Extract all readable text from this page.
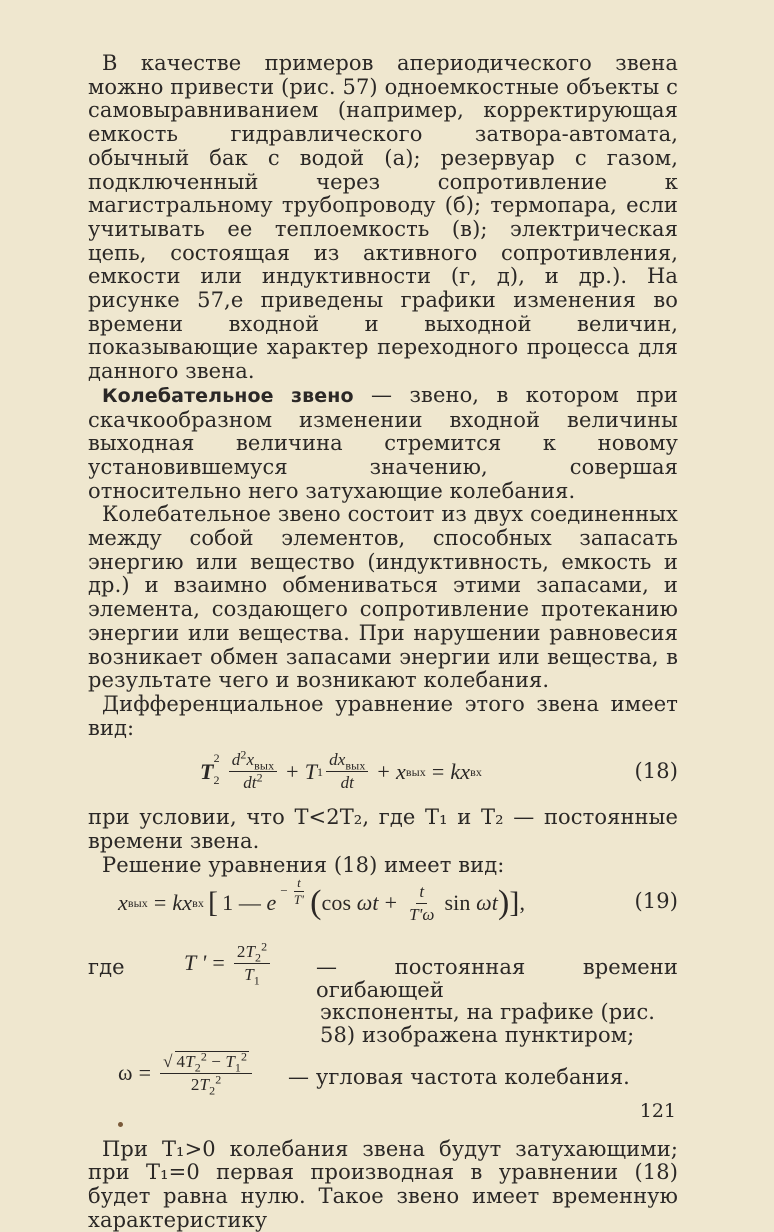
В качестве примеров апериодического звена можно привести (рис. 57) одноемкостные объекты с самовыравниванием (например, корректирующая емкость гидравлического затвора-автомата, обычный бак с водой (а); резервуар с газом, подключенный через сопротивление к магистральному трубопроводу (б); термопара, если учитывать ее теплоемкость (в); электрическая цепь, состоящая из активного сопротивления, емкости или индуктивности (г, д), и др.). На рисунке 57,е приведены графики изменения во времени входной и выходной величин, показывающие характер переходного процесса для данного звена.

Колебательное звено — звено, в котором при скачкообразном изменении входной величины выходная величина стремится к новому установившемуся значению, совершая относительно него затухающие колебания.

Колебательное звено состоит из двух соединенных между собой элементов, способных запасать энергию или вещество (индуктивность, емкость и др.) и взаимно обмениваться этими запасами, и элемента, создающего сопротивление протеканию энергии или вещества. При нарушении равновесия возникает обмен запасами энергии или вещества, в результате чего и возникают колебания.

Дифференциальное уравнение этого звена имеет вид:

$T_2$
$^2 \frac{d^2x_{вых}}{dt^2} + T$ $1 \frac{dx_{вых}}{dt} + x$ вых = kx вх	(18)

при условии, что T<2T₂, где T₁ и T₂ — постоянные времени звена.

Решение уравнения (18) имеет вид:

x вых = kx вх [ 1 — $e - \frac{t}{T'}$ ( $\cos \omega t + \frac{t}{T'\omega}$ sin ωt ) ] ,	(19)
где	T ' = $\frac{2T_2^2}{T_1}$ — постоянная времени огибающей
экспоненты, на графике (рис. 58) изображена пунктиром;
$\omega = \frac{√ 4T_2^2 - T_1^2}{2T_2^2}$ — угловая частота колебания.

При T₁>0 колебания звена будут затухающими; при T₁=0 первая производная в уравнении (18) будет равна нулю. Такое звено имеет временную характеристику

121
